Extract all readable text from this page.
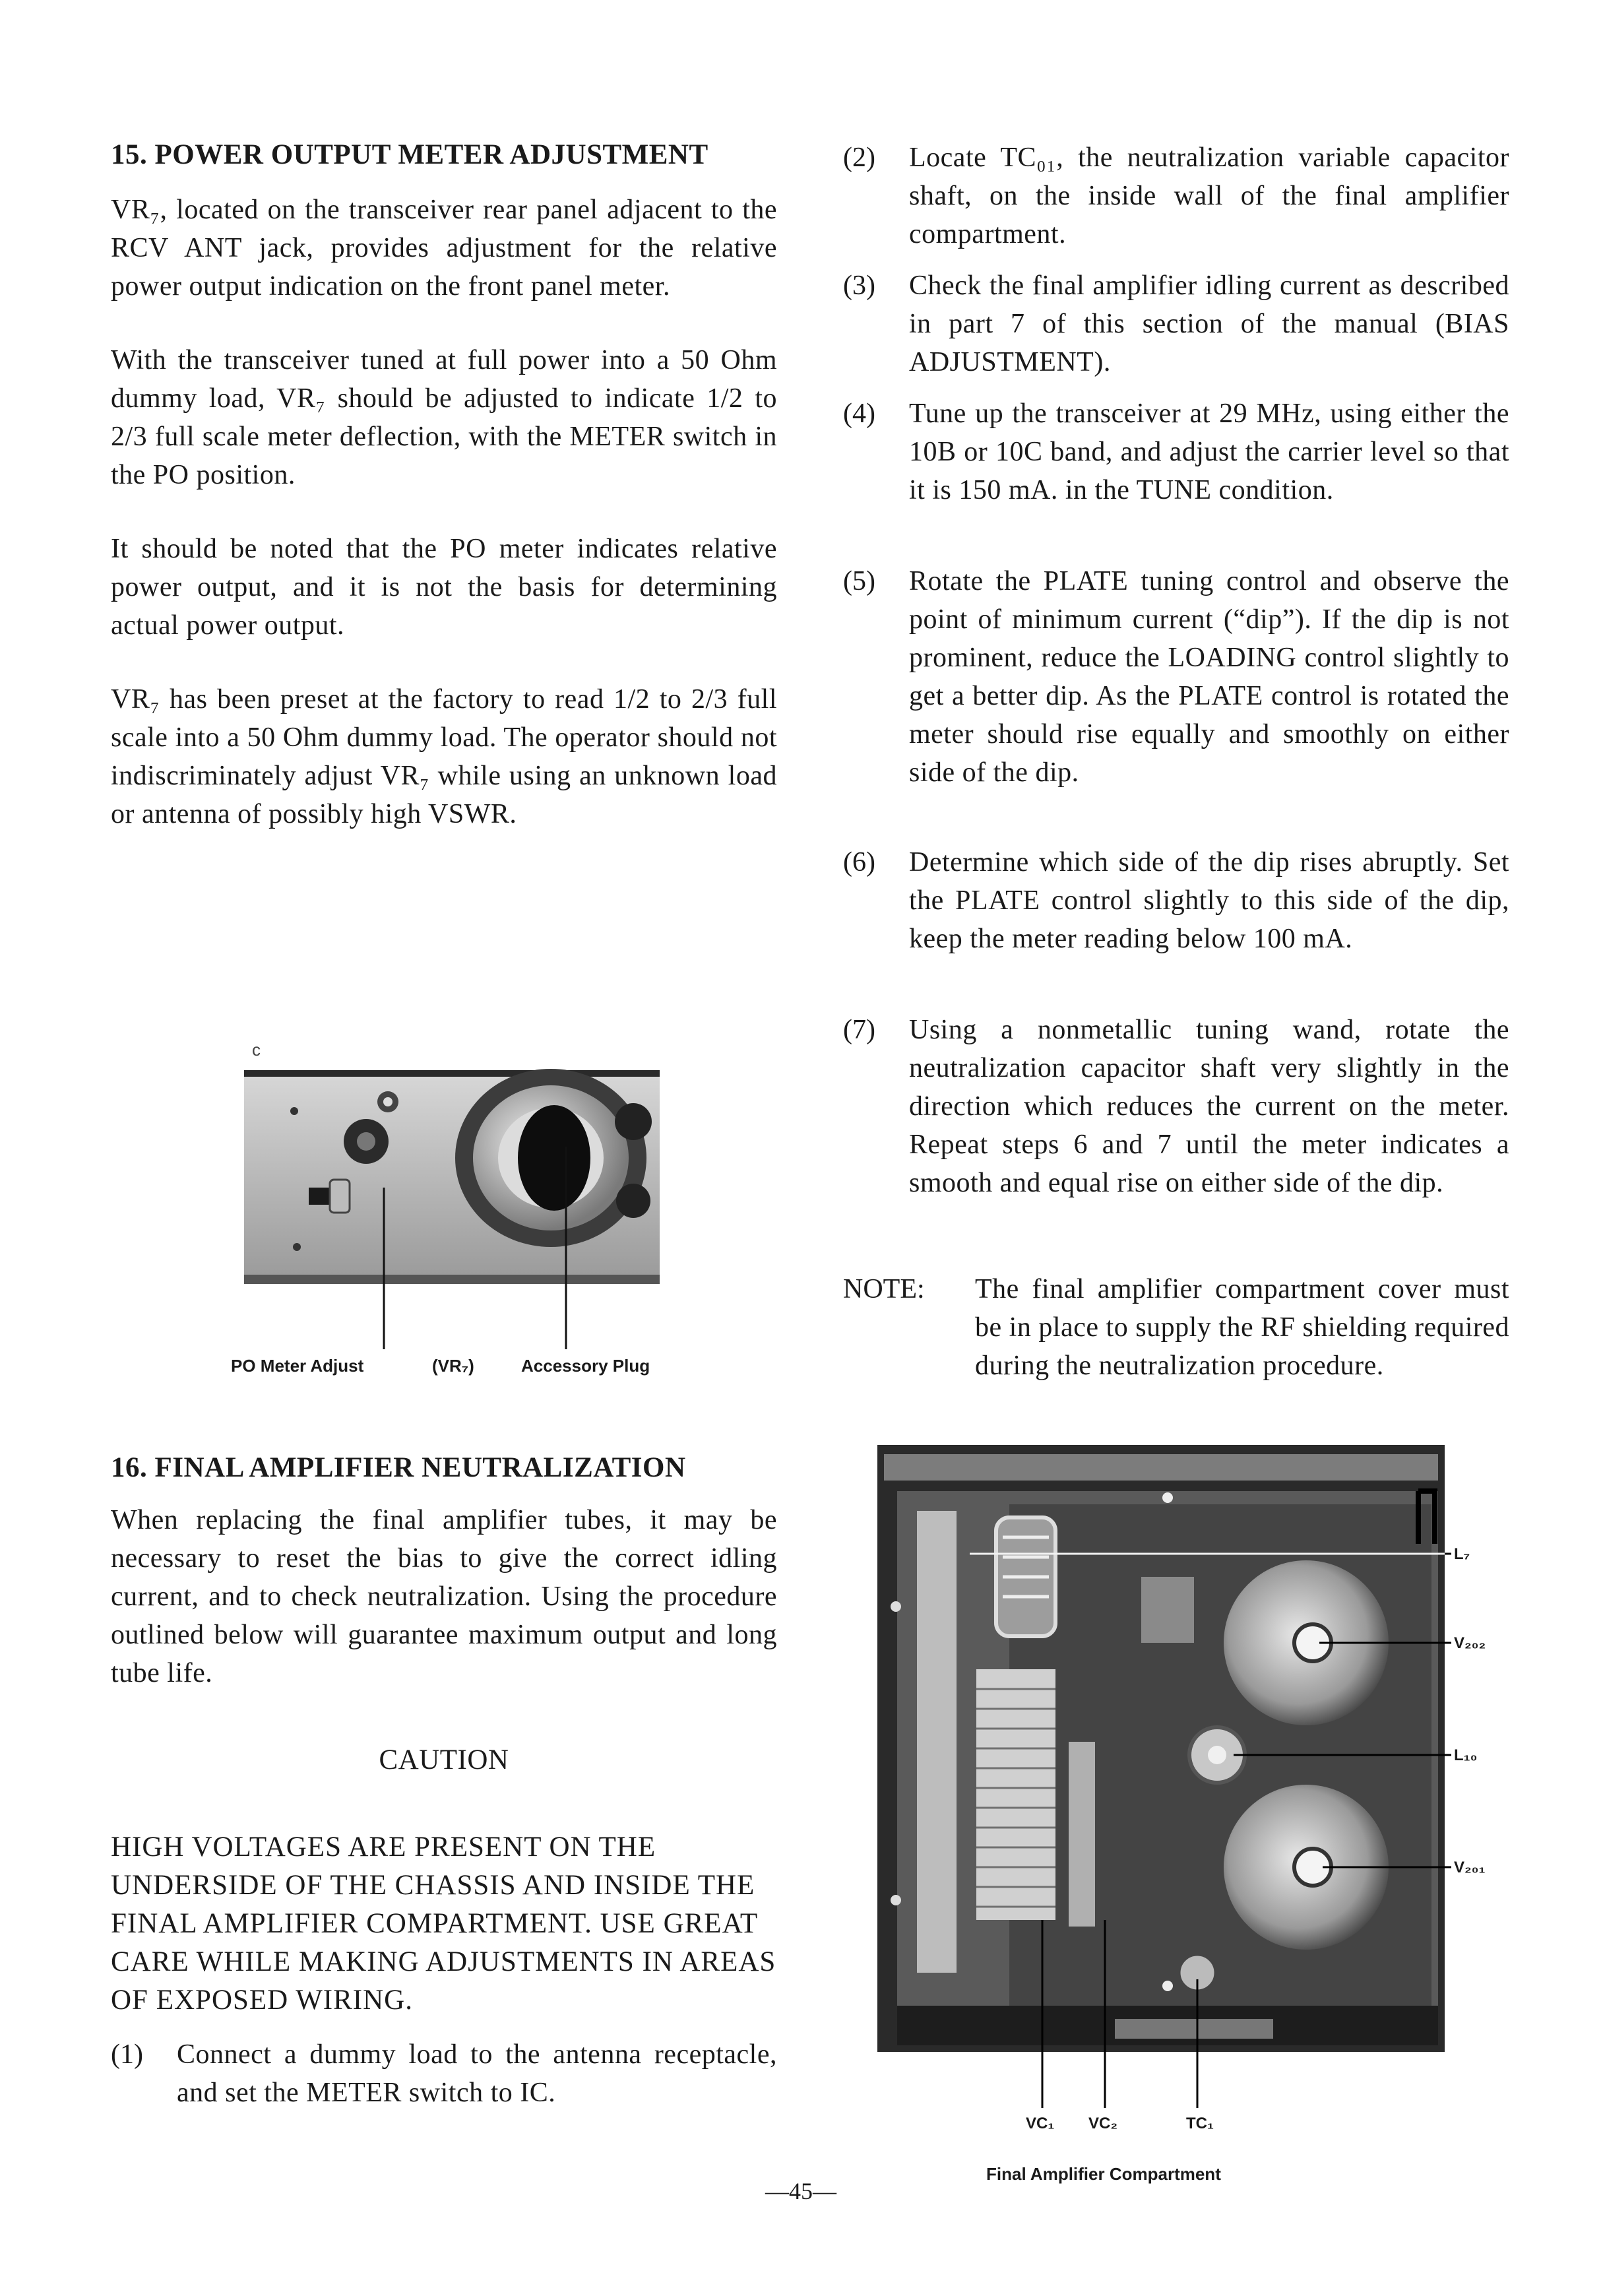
15. POWER OUTPUT METER ADJUSTMENT

VR₇, located on the transceiver rear panel adjacent to the RCV ANT jack, provides adjustment for the relative power output indication on the front panel meter.

With the transceiver tuned at full power into a 50 Ohm dummy load, VR₇ should be adjusted to indicate 1/2 to 2/3 full scale meter deflection, with the METER switch in the PO position.

It should be noted that the PO meter indicates relative power output, and it is not the basis for determining actual power output.

VR₇ has been preset at the factory to read 1/2 to 2/3 full scale into a 50 Ohm dummy load. The operator should not indiscriminately adjust VR₇ while using an unknown load or antenna of possibly high VSWR.

c
PO Meter Adjust	(VR₇)	Accessory Plug
16. FINAL AMPLIFIER NEUTRALIZATION

When replacing the final amplifier tubes, it may be necessary to reset the bias to give the correct idling current, and to check neutralization. Using the procedure outlined below will guarantee maximum output and long tube life.

CAUTION

HIGH VOLTAGES ARE PRESENT ON THE UNDERSIDE OF THE CHASSIS AND INSIDE THE FINAL AMPLIFIER COMPARTMENT. USE GREAT CARE WHILE MAKING ADJUSTMENTS IN AREAS OF EXPOSED WIRING.

(1) Connect a dummy load to the antenna receptacle, and set the METER switch to IC.
(2) Locate TC₀₁, the neutralization variable capacitor shaft, on the inside wall of the final amplifier compartment.
(3) Check the final amplifier idling current as described in part 7 of this section of the manual (BIAS ADJUSTMENT).
(4) Tune up the transceiver at 29 MHz, using either the 10B or 10C band, and adjust the carrier level so that it is 150 mA. in the TUNE condition.
(5) Rotate the PLATE tuning control and observe the point of minimum current (“dip”). If the dip is not prominent, reduce the LOADING control slightly to get a better dip. As the PLATE control is rotated the meter should rise equally and smoothly on either side of the dip.
(6) Determine which side of the dip rises abruptly. Set the PLATE control slightly to this side of the dip, keep the meter reading below 100 mA.
(7) Using a nonmetallic tuning wand, rotate the neutralization capacitor shaft very slightly in the direction which reduces the current on the meter. Repeat steps 6 and 7 until the meter indicates a smooth and equal rise on either side of the dip.
NOTE: The final amplifier compartment cover must be in place to supply the RF shielding required during the neutralization procedure.
L₇
V₂₀₂
L₁₀
V₂₀₁
VC₁ VC₂	TC₁
Final Amplifier Compartment
—45—
